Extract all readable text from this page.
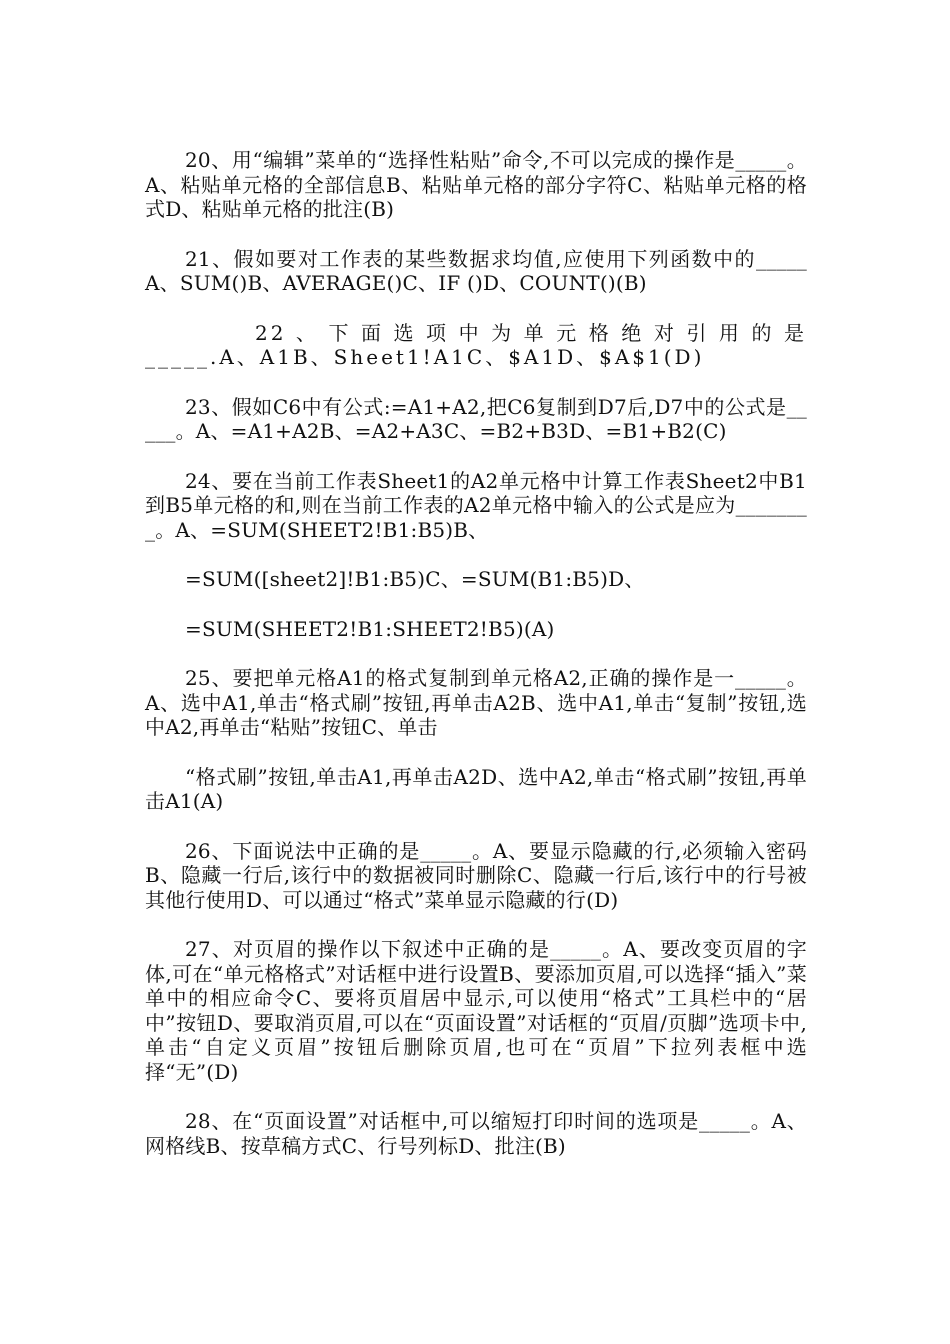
20、用“编辑”菜单的“选择性粘贴”命令,不可以完成的操作是_____。A、粘贴单元格的全部信息B、粘贴单元格的部分字符C、粘贴单元格的格式D、粘贴单元格的批注(B)

21、假如要对工作表的某些数据求均值,应使用下列函数中的_____A、SUM()B、AVERAGE()C、IF ()D、COUNT()(B)

22 、 下 面 选 项 中 为 单 元 格 绝 对 引 用 的 是_____.A、A1B、Sheet1!A1C、$A1D、$A$1(D)

23、假如C6中有公式:=A1+A2,把C6复制到D7后,D7中的公式是_____。A、=A1+A2B、=A2+A3C、=B2+B3D、=B1+B2(C)

24、要在当前工作表Sheet1的A2单元格中计算工作表Sheet2中B1到B5单元格的和,则在当前工作表的A2单元格中输入的公式是应为________。A、=SUM(SHEET2!B1:B5)B、

=SUM([sheet2]!B1:B5)C、=SUM(B1:B5)D、

=SUM(SHEET2!B1:SHEET2!B5)(A)

25、要把单元格A1的格式复制到单元格A2,正确的操作是一_____。A、选中A1,单击“格式刷”按钮,再单击A2B、选中A1,单击“复制”按钮,选中A2,再单击“粘贴”按钮C、单击

“格式刷”按钮,单击A1,再单击A2D、选中A2,单击“格式刷”按钮,再单击A1(A)

26、下面说法中正确的是_____。A、要显示隐藏的行,必须输入密码B、隐藏一行后,该行中的数据被同时删除C、隐藏一行后,该行中的行号被其他行使用D、可以通过“格式”菜单显示隐藏的行(D)

27、对页眉的操作以下叙述中正确的是_____。A、要改变页眉的字体,可在“单元格格式”对话框中进行设置B、要添加页眉,可以选择“插入”菜单中的相应命令C、要将页眉居中显示,可以使用“格式”工具栏中的“居中”按钮D、要取消页眉,可以在“页面设置”对话框的“页眉/页脚”选项卡中,单击“自定义页眉”按钮后删除页眉,也可在“页眉”下拉列表框中选择“无”(D)

28、在“页面设置”对话框中,可以缩短打印时间的选项是_____。A、网格线B、按草稿方式C、行号列标D、批注(B)
